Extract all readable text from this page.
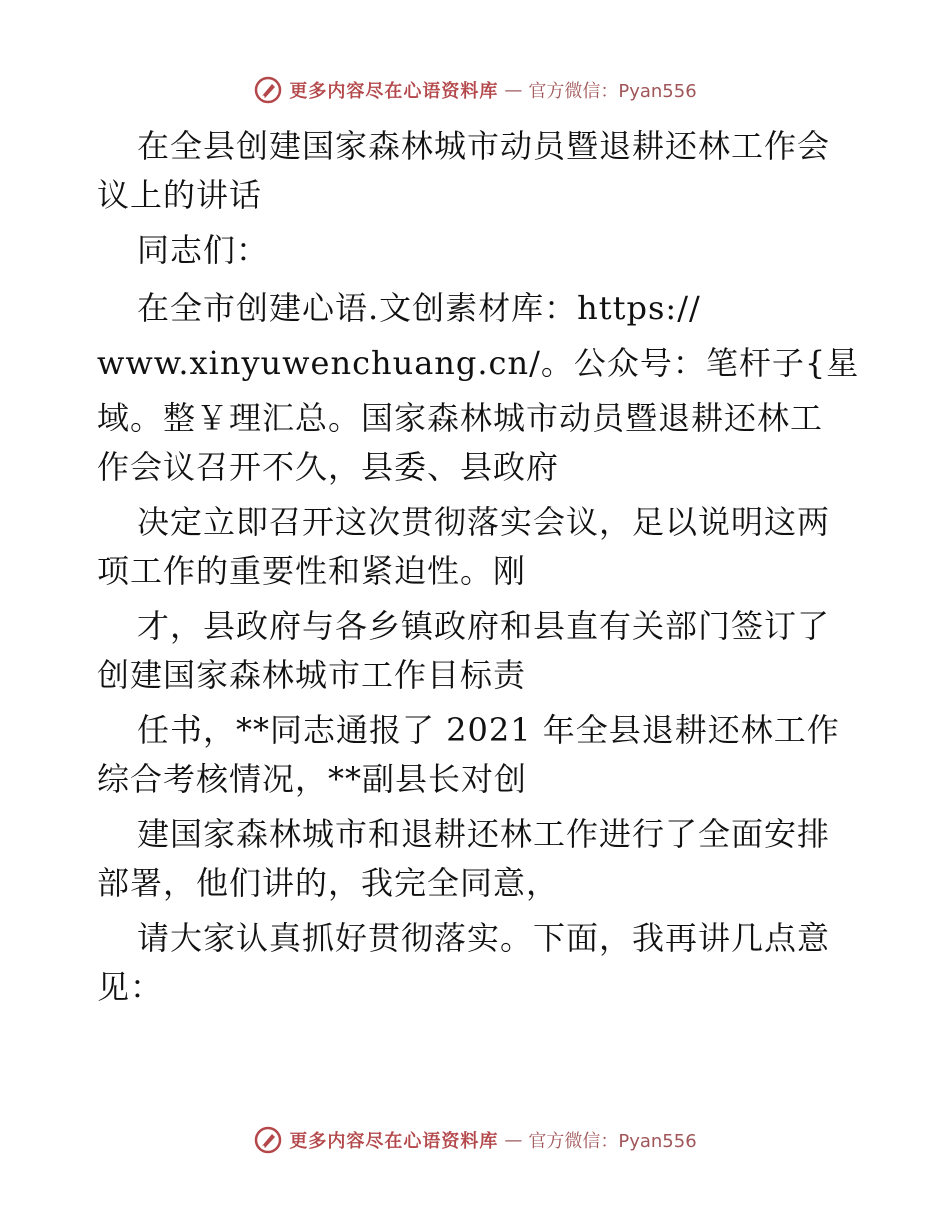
更多内容尽在心语资料库 — 官方微信：Pyan556
在全县创建国家森林城市动员暨退耕还林工作会
议上的讲话
同志们：
在全市创建心语.文创素材库：https://
www.xinyuwenchuang.cn/。公众号：笔杆子{星
域。整￥理汇总。国家森林城市动员暨退耕还林工
作会议召开不久，县委、县政府
决定立即召开这次贯彻落实会议，足以说明这两
项工作的重要性和紧迫性。刚
才，县政府与各乡镇政府和县直有关部门签订了
创建国家森林城市工作目标责
任书，**同志通报了 2021 年全县退耕还林工作
综合考核情况，**副县长对创
建国家森林城市和退耕还林工作进行了全面安排
部署，他们讲的，我完全同意，
请大家认真抓好贯彻落实。下面，我再讲几点意
见：
更多内容尽在心语资料库 — 官方微信：Pyan556
